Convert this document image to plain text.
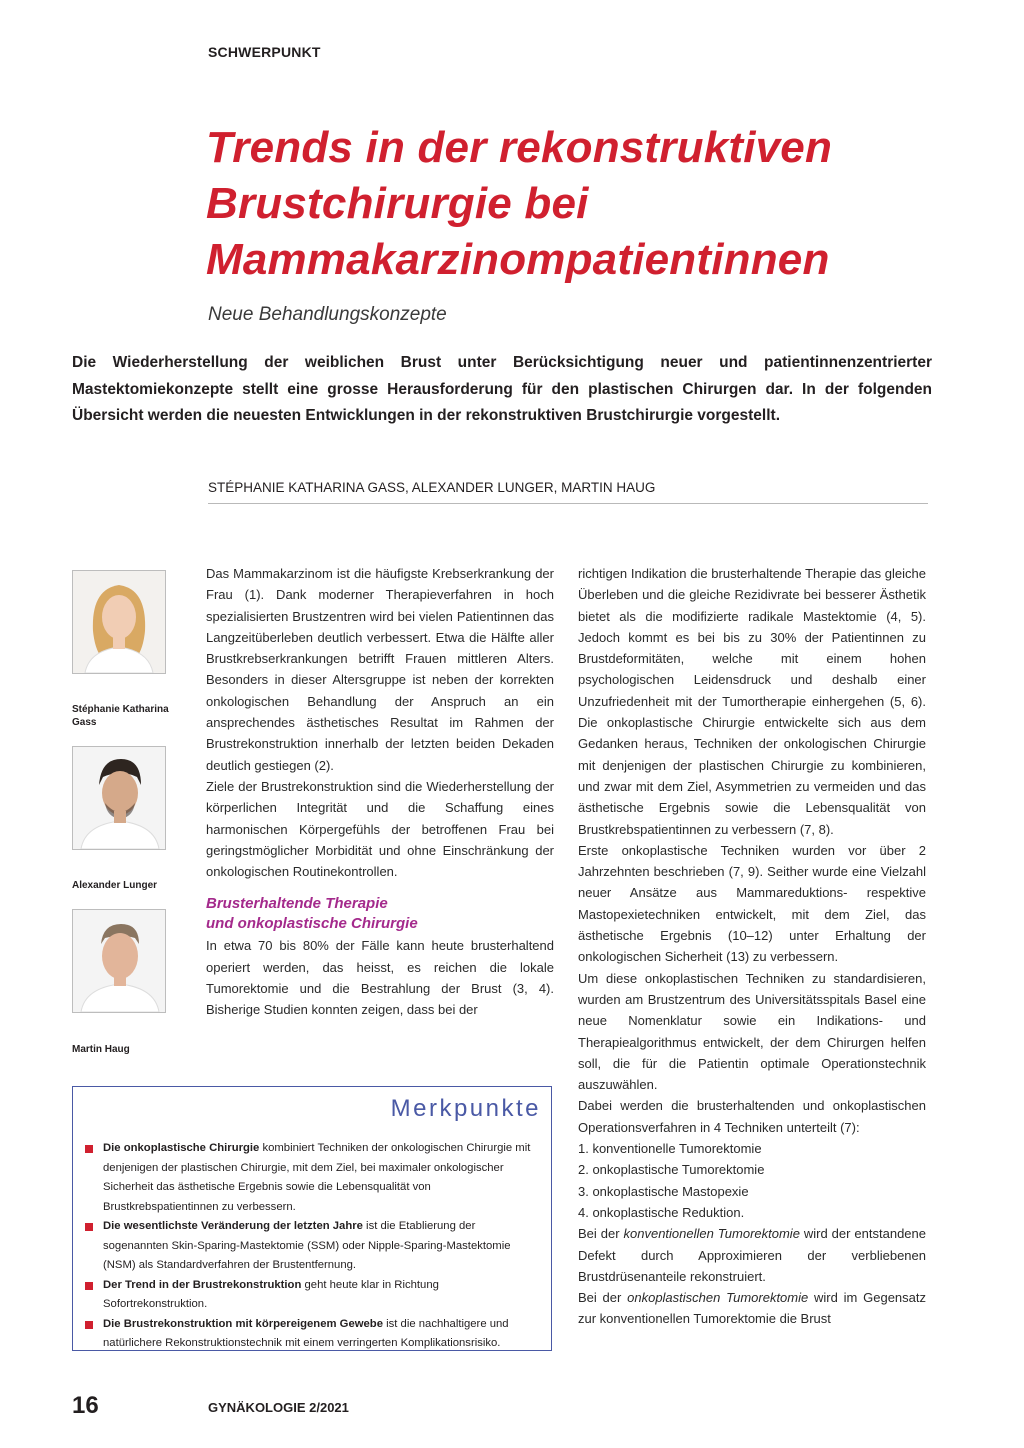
SCHWERPUNKT
Trends in der rekonstruktiven
Brustchirurgie bei
Mammakarzinompatientinnen
Neue Behandlungskonzepte

Die Wiederherstellung der weiblichen Brust unter Berücksichtigung neuer und patientinnenzentrierter Mastektomiekonzepte stellt eine grosse Herausforderung für den plastischen Chirurgen dar. In der folgenden Übersicht werden die neuesten Entwicklungen in der rekonstruktiven Brustchirurgie vorgestellt.

STÉPHANIE KATHARINA GASS, ALEXANDER LUNGER, MARTIN HAUG
Stéphanie Katharina
Gass
Alexander Lunger
Martin Haug

Das Mammakarzinom ist die häufigste Krebserkrankung der Frau (1). Dank moderner Therapieverfahren in hoch spezialisierten Brustzentren wird bei vielen Patientinnen das Langzeitüberleben deutlich verbessert. Etwa die Hälfte aller Brustkrebserkrankungen betrifft Frauen mittleren Alters. Besonders in dieser Altersgruppe ist neben der korrekten onkologischen Behandlung der Anspruch an ein ansprechendes ästhetisches Resultat im Rahmen der Brustrekonstruktion innerhalb der letzten beiden Dekaden deutlich gestiegen (2).

Ziele der Brustrekonstruktion sind die Wiederherstellung der körperlichen Integrität und die Schaffung eines harmonischen Körpergefühls der betroffenen Frau bei geringstmöglicher Morbidität und ohne Einschränkung der onkologischen Routinekontrollen.

Brusterhaltende Therapie
und onkoplastische Chirurgie

In etwa 70 bis 80% der Fälle kann heute brusterhaltend operiert werden, das heisst, es reichen die lokale Tumorektomie und die Bestrahlung der Brust (3, 4). Bisherige Studien konnten zeigen, dass bei der

richtigen Indikation die brusterhaltende Therapie das gleiche Überleben und die gleiche Rezidivrate bei besserer Ästhetik bietet als die modifizierte radikale Mastektomie (4, 5). Jedoch kommt es bei bis zu 30% der Patientinnen zu Brustdeformitäten, welche mit einem hohen psychologischen Leidensdruck und deshalb einer Unzufriedenheit mit der Tumortherapie einhergehen (5, 6). Die onkoplastische Chirurgie entwickelte sich aus dem Gedanken heraus, Techniken der onkologischen Chirurgie mit denjenigen der plastischen Chirurgie zu kombinieren, und zwar mit dem Ziel, Asymmetrien zu vermeiden und das ästhetische Ergebnis sowie die Lebensqualität von Brustkrebspatientinnen zu verbessern (7, 8).

Erste onkoplastische Techniken wurden vor über 2 Jahrzehnten beschrieben (7, 9). Seither wurde eine Vielzahl neuer Ansätze aus Mammareduktions- respektive Mastopexietechniken entwickelt, mit dem Ziel, das ästhetische Ergebnis (10–12) unter Erhaltung der onkologischen Sicherheit (13) zu verbessern.

Um diese onkoplastischen Techniken zu standardisieren, wurden am Brustzentrum des Universitätsspitals Basel eine neue Nomenklatur sowie ein Indikations- und Therapiealgorithmus entwickelt, der dem Chirurgen helfen soll, die für die Patientin optimale Operationstechnik auszuwählen.

Dabei werden die brusterhaltenden und onkoplastischen Operationsverfahren in 4 Techniken unterteilt (7):

1. konventionelle Tumorektomie
2. onkoplastische Tumorektomie
3. onkoplastische Mastopexie
4. onkoplastische Reduktion.

Bei der konventionellen Tumorektomie wird der entstandene Defekt durch Approximieren der verbliebenen Brustdrüsenanteile rekonstruiert.

Bei der onkoplastischen Tumorektomie wird im Gegensatz zur konventionellen Tumorektomie die Brust

Merkpunkte
Die onkoplastische Chirurgie kombiniert Techniken der onkologischen Chirurgie mit denjenigen der plastischen Chirurgie, mit dem Ziel, bei maximaler onkologischer Sicherheit das ästhetische Ergebnis sowie die Lebensqualität von Brustkrebspatientinnen zu verbessern.
Die wesentlichste Veränderung der letzten Jahre ist die Etablierung der sogenannten Skin-Sparing-Mastektomie (SSM) oder Nipple-Sparing-Mastektomie (NSM) als Standardverfahren der Brustentfernung.
Der Trend in der Brustrekonstruktion geht heute klar in Richtung Sofortrekonstruktion.
Die Brustrekonstruktion mit körpereigenem Gewebe ist die nachhaltigere und natürlichere Rekonstruktionstechnik mit einem verringerten Komplikationsrisiko.
16	GYNÄKOLOGIE 2/2021
